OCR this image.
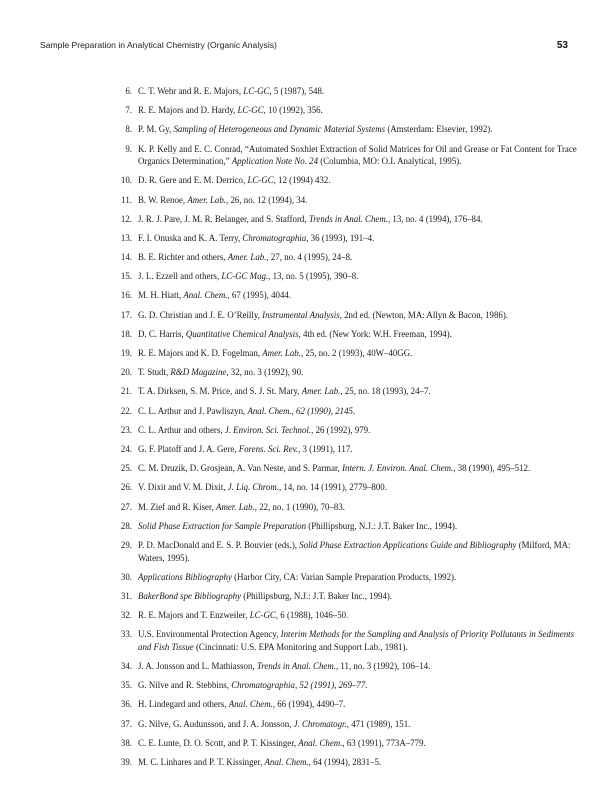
Sample Preparation in Analytical Chemistry (Organic Analysis)	53
6. C. T. Wehr and R. E. Majors, LC-GC, 5 (1987), 548.
7. R. E. Majors and D. Hardy, LC-GC, 10 (1992), 356.
8. P. M. Gy, Sampling of Heterogeneous and Dynamic Material Systems (Amsterdam: Elsevier, 1992).
9. K. P. Kelly and E. C. Conrad, “Automated Soxhlet Extraction of Solid Matrices for Oil and Grease or Fat Content for Trace Organics Determination,” Application Note No. 24 (Columbia, MO: O.I. Analytical, 1995).
10. D. R. Gere and E. M. Derrico, LC-GC, 12 (1994) 432.
11. B. W. Renoe, Amer. Lab., 26, no. 12 (1994), 34.
12. J. R. J. Pare, J. M. R. Belanger, and S. Stafford, Trends in Anal. Chem., 13, no. 4 (1994), 176–84.
13. F. I. Onuska and K. A. Terry, Chromatographia, 36 (1993), 191–4.
14. B. E. Richter and others, Amer. Lab., 27, no. 4 (1995), 24–8.
15. J. L. Ezzell and others, LC-GC Mag., 13, no. 5 (1995), 390–8.
16. M. H. Hiatt, Anal. Chem., 67 (1995), 4044.
17. G. D. Christian and J. E. O’Reilly, Instrumental Analysis, 2nd ed. (Newton, MA: Allyn & Bacon, 1986).
18. D. C. Harris, Quantitative Chemical Analysis, 4th ed. (New York: W.H. Freeman, 1994).
19. R. E. Majors and K. D. Fogelman, Amer. Lab., 25, no. 2 (1993), 40W–40GG.
20. T. Studt, R&D Magazine, 32, no. 3 (1992), 90.
21. T. A. Dirksen, S. M. Price, and S. J. St. Mary, Amer. Lab., 25, no. 18 (1993), 24–7.
22. C. L. Arthur and J. Pawliszyn, Anal. Chem., 62 (1990), 2145.
23. C. L. Arthur and others, J. Environ. Sci. Technol., 26 (1992), 979.
24. G. F. Platoff and J. A. Gere, Forens. Sci. Rev., 3 (1991), 117.
25. C. M. Druzik, D. Grosjean, A. Van Neste, and S. Parmar, Intern. J. Environ. Anal. Chem., 38 (1990), 495–512.
26. V. Dixit and V. M. Dixit, J. Liq. Chrom., 14, no. 14 (1991), 2779–800.
27. M. Zief and R. Kiser, Amer. Lab., 22, no. 1 (1990), 70–83.
28. Solid Phase Extraction for Sample Preparation (Phillipsburg, N.J.: J.T. Baker Inc., 1994).
29. P. D. MacDonald and E. S. P. Bouvier (eds.), Solid Phase Extraction Applications Guide and Bibliography (Milford, MA: Waters, 1995).
30. Applications Bibliography (Harbor City, CA: Varian Sample Preparation Products, 1992).
31. BakerBond spe Bibliography (Phillipsburg, N.J.: J.T. Baker Inc., 1994).
32. R. E. Majors and T. Enzweiler, LC-GC, 6 (1988), 1046–50.
33. U.S. Environmental Protection Agency, Interim Methods for the Sampling and Analysis of Priority Pollutants in Sediments and Fish Tissue (Cincinnati: U.S. EPA Monitoring and Support Lab., 1981).
34. J. A. Jonsson and L. Mathiasson, Trends in Anal. Chem., 11, no. 3 (1992), 106–14.
35. G. Nilve and R. Stebbins, Chromatographia, 52 (1991), 269–77.
36. H. Lindegard and others, Anal. Chem., 66 (1994), 4490–7.
37. G. Nilve, G. Audunsson, and J. A. Jonsson, J. Chromatogr., 471 (1989), 151.
38. C. E. Lunte, D. O. Scott, and P. T. Kissinger, Anal. Chem., 63 (1991), 773A–779.
39. M. C. Linhares and P. T. Kissinger, Anal. Chem., 64 (1994), 2831–5.
